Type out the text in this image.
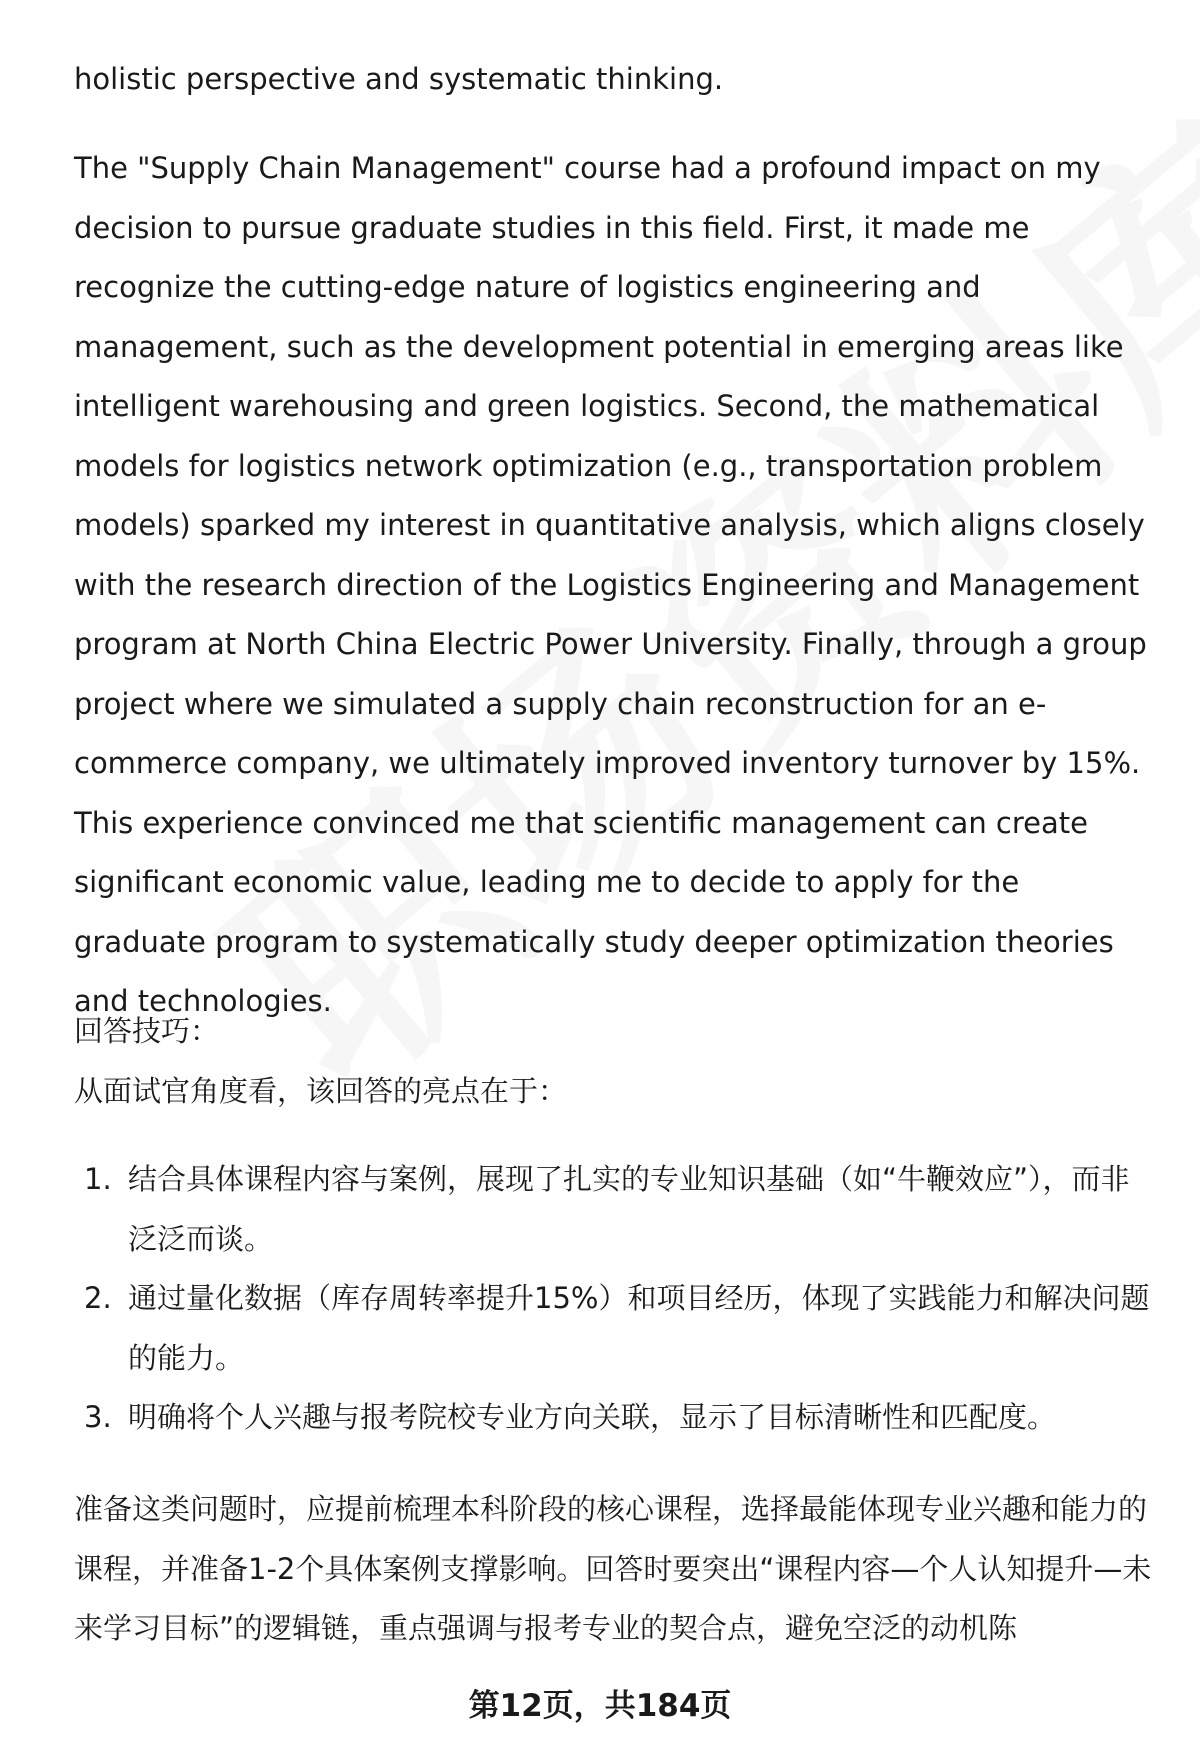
holistic perspective and systematic thinking.
The "Supply Chain Management" course had a profound impact on my decision to pursue graduate studies in this field. First, it made me recognize the cutting-edge nature of logistics engineering and management, such as the development potential in emerging areas like intelligent warehousing and green logistics. Second, the mathematical models for logistics network optimization (e.g., transportation problem models) sparked my interest in quantitative analysis, which aligns closely with the research direction of the Logistics Engineering and Management program at North China Electric Power University. Finally, through a group project where we simulated a supply chain reconstruction for an e-commerce company, we ultimately improved inventory turnover by 15%. This experience convinced me that scientific management can create significant economic value, leading me to decide to apply for the graduate program to systematically study deeper optimization theories and technologies.
回答技巧：
从面试官角度看，该回答的亮点在于：
1. 结合具体课程内容与案例，展现了扎实的专业知识基础（如“牛鞭效应”），而非泛泛而谈。
2. 通过量化数据（库存周转率提升15%）和项目经历，体现了实践能力和解决问题的能力。
3. 明确将个人兴趣与报考院校专业方向关联，显示了目标清晰性和匹配度。
准备这类问题时，应提前梳理本科阶段的核心课程，选择最能体现专业兴趣和能力的课程，并准备1-2个具体案例支撑影响。回答时要突出“课程内容—个人认知提升—未来学习目标”的逻辑链，重点强调与报考专业的契合点，避免空泛的动机陈
第12页，共184页
